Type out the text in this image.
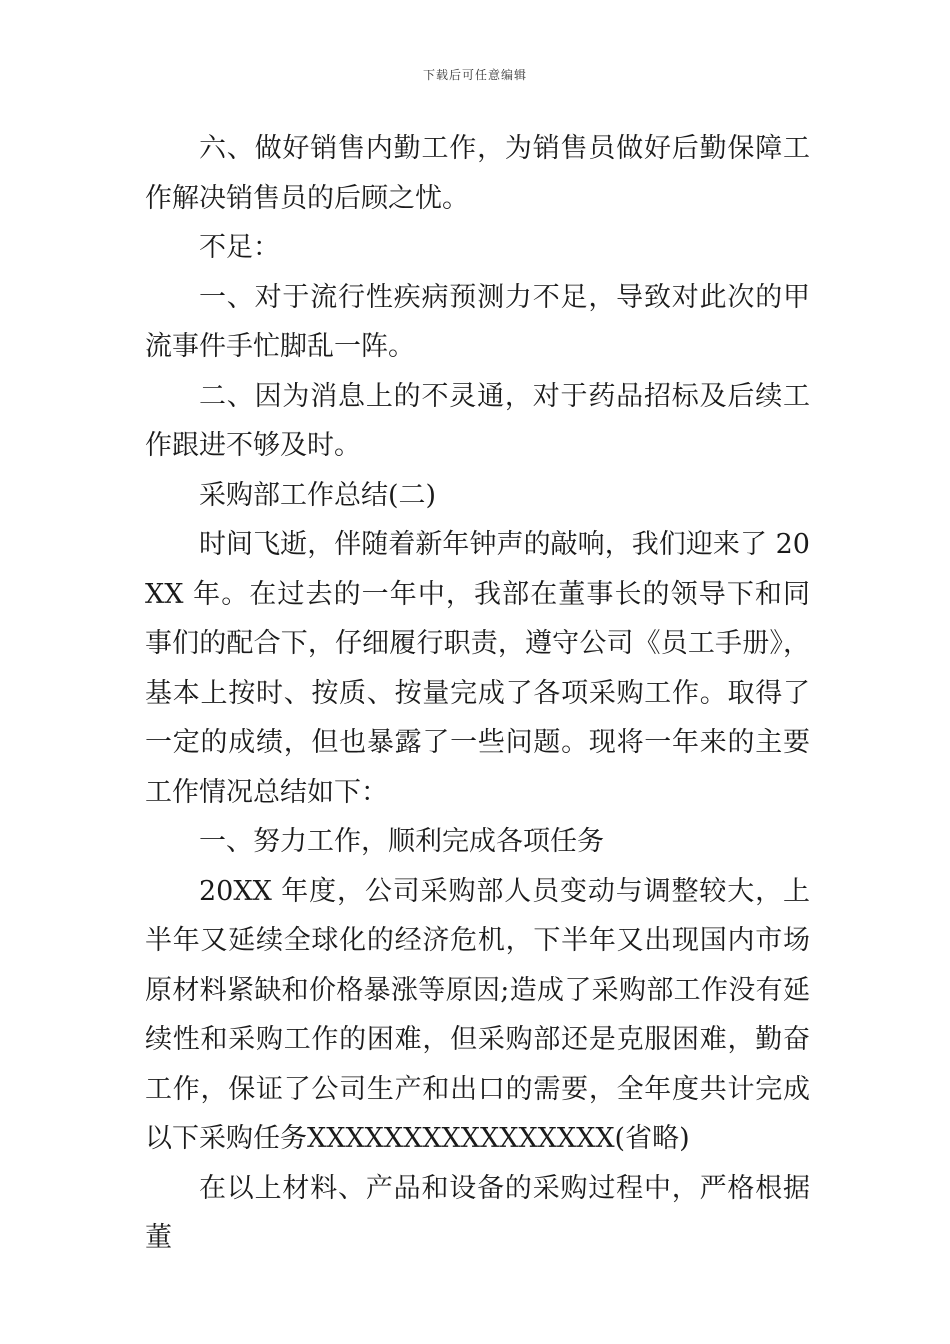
下载后可任意编辑

六、做好销售内勤工作，为销售员做好后勤保障工作解决销售员的后顾之忧。

不足：

一、对于流行性疾病预测力不足，导致对此次的甲流事件手忙脚乱一阵。

二、因为消息上的不灵通，对于药品招标及后续工作跟进不够及时。

采购部工作总结(二)

时间飞逝，伴随着新年钟声的敲响，我们迎来了 20XX 年。在过去的一年中，我部在董事长的领导下和同事们的配合下，仔细履行职责，遵守公司《员工手册》，基本上按时、按质、按量完成了各项采购工作。取得了一定的成绩，但也暴露了一些问题。现将一年来的主要工作情况总结如下：

一、努力工作，顺利完成各项任务

20XX 年度，公司采购部人员变动与调整较大，上半年又延续全球化的经济危机，下半年又出现国内市场原材料紧缺和价格暴涨等原因;造成了采购部工作没有延续性和采购工作的困难，但采购部还是克服困难，勤奋工作，保证了公司生产和出口的需要，全年度共计完成以下采购任务XXXXXXXXXXXXXXXX(省略)

在以上材料、产品和设备的采购过程中，严格根据董
